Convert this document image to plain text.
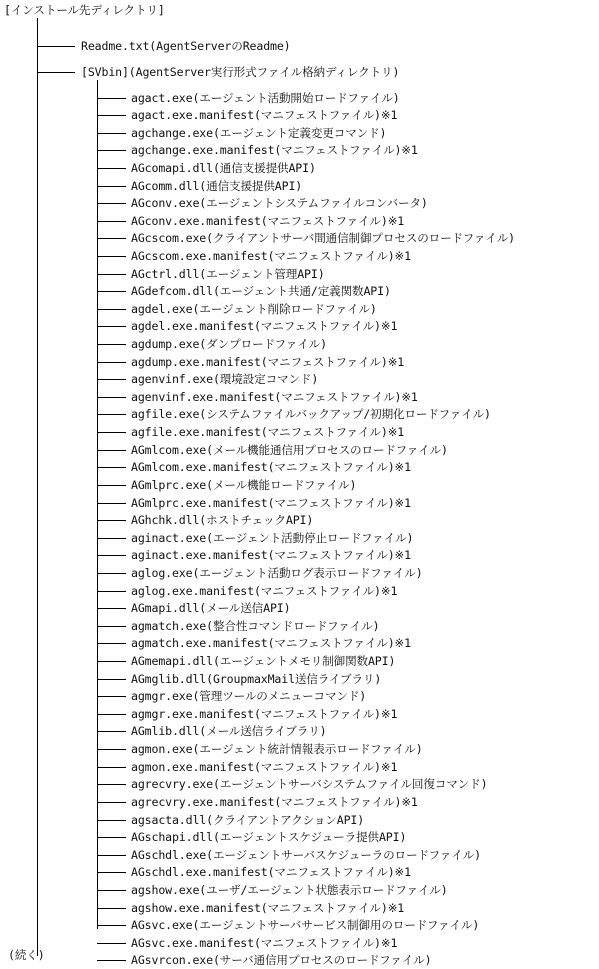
[インストール先ディレクトリ]
Readme.txt(AgentServerのReadme)
[SVbin](AgentServer実行形式ファイル格納ディレクトリ)
agact.exe(エージェント活動開始ロードファイル)
agact.exe.manifest(マニフェストファイル)※1
agchange.exe(エージェント定義変更コマンド)
agchange.exe.manifest(マニフェストファイル)※1
AGcomapi.dll(通信支援提供API)
AGcomm.dll(通信支援提供API)
AGconv.exe(エージェントシステムファイルコンバータ)
AGconv.exe.manifest(マニフェストファイル)※1
AGcscom.exe(クライアントサーバ間通信制御プロセスのロードファイル)
AGcscom.exe.manifest(マニフェストファイル)※1
AGctrl.dll(エージェント管理API)
AGdefcom.dll(エージェント共通/定義関数API)
agdel.exe(エージェント削除ロードファイル)
agdel.exe.manifest(マニフェストファイル)※1
agdump.exe(ダンプロードファイル)
agdump.exe.manifest(マニフェストファイル)※1
agenvinf.exe(環境設定コマンド)
agenvinf.exe.manifest(マニフェストファイル)※1
agfile.exe(システムファイルバックアップ/初期化ロードファイル)
agfile.exe.manifest(マニフェストファイル)※1
AGmlcom.exe(メール機能通信用プロセスのロードファイル)
AGmlcom.exe.manifest(マニフェストファイル)※1
AGmlprc.exe(メール機能ロードファイル)
AGmlprc.exe.manifest(マニフェストファイル)※1
AGhchk.dll(ホストチェックAPI)
aginact.exe(エージェント活動停止ロードファイル)
aginact.exe.manifest(マニフェストファイル)※1
aglog.exe(エージェント活動ログ表示ロードファイル)
aglog.exe.manifest(マニフェストファイル)※1
AGmapi.dll(メール送信API)
agmatch.exe(整合性コマンドロードファイル)
agmatch.exe.manifest(マニフェストファイル)※1
AGmemapi.dll(エージェントメモリ制御関数API)
AGmglib.dll(GroupmaxMail送信ライブラリ)
agmgr.exe(管理ツールのメニューコマンド)
agmgr.exe.manifest(マニフェストファイル)※1
AGmlib.dll(メール送信ライブラリ)
agmon.exe(エージェント統計情報表示ロードファイル)
agmon.exe.manifest(マニフェストファイル)※1
agrecvry.exe(エージェントサーバシステムファイル回復コマンド)
agrecvry.exe.manifest(マニフェストファイル)※1
agsacta.dll(クライアントアクションAPI)
AGschapi.dll(エージェントスケジューラ提供API)
AGschdl.exe(エージェントサーバスケジューラのロードファイル)
AGschdl.exe.manifest(マニフェストファイル)※1
agshow.exe(ユーザ/エージェント状態表示ロードファイル)
agshow.exe.manifest(マニフェストファイル)※1
AGsvc.exe(エージェントサーバサービス制御用のロードファイル)
AGsvc.exe.manifest(マニフェストファイル)※1
AGsvrcon.exe(サーバ通信用プロセスのロードファイル)
(続く)
